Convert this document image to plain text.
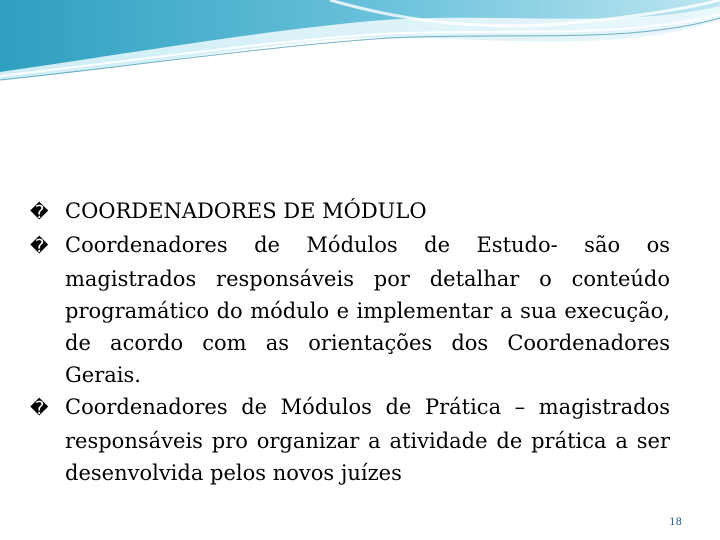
� COORDENADORES DE MÓDULO

� Coordenadores de Módulos de Estudo- são os magistrados responsáveis por detalhar o conteúdo programático do módulo e implementar a sua execução, de acordo com as orientações dos Coordenadores Gerais.

� Coordenadores de Módulos de Prática – magistrados responsáveis pro organizar a atividade de prática a ser desenvolvida pelos novos juízes

18
